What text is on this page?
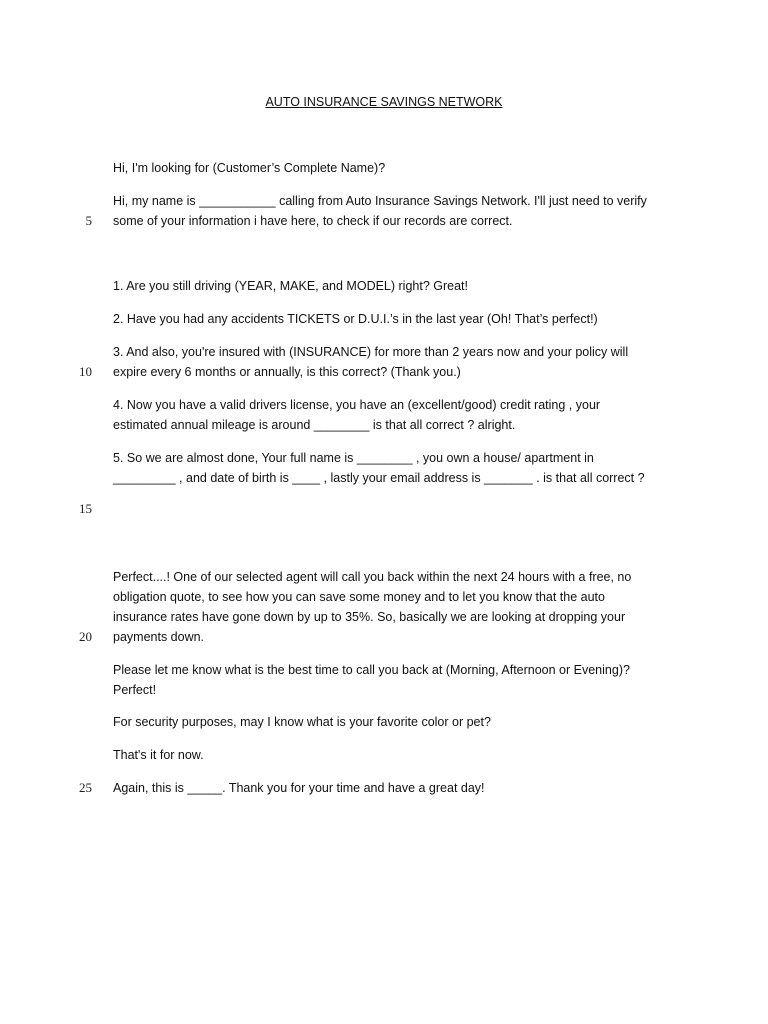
AUTO INSURANCE SAVINGS NETWORK

Hi, I'm looking for (Customer’s Complete Name)?

Hi, my name is ___________ calling from Auto Insurance Savings Network. I'll just need to verify some of your information i have here, to check if our records are correct.

1. Are you still driving (YEAR, MAKE, and MODEL) right? Great!

2. Have you had any accidents TICKETS or D.U.I.’s in the last year (Oh! That’s perfect!)

3. And also, you're insured with (INSURANCE) for more than 2 years now and your policy will expire every 6 months or annually, is this correct? (Thank you.)

4. Now you have a valid drivers license, you have an (excellent/good) credit rating , your estimated annual mileage is around ________ is that all correct ? alright.

5. So we are almost done, Your full name is ________ , you own a house/ apartment in _________ , and date of birth is ____ , lastly your email address is _______ . is that all correct ?

Perfect....! One of our selected agent will call you back within the next 24 hours with a free, no obligation quote, to see how you can save some money and to let you know that the auto insurance rates have gone down by up to 35%. So, basically we are looking at dropping your payments down.

Please let me know what is the best time to call you back at (Morning, Afternoon or Evening)? Perfect!

For security purposes, may I know what is your favorite color or pet?

That's it for now.

Again, this is _____. Thank you for your time and have a great day!

5
10
15
20
25
